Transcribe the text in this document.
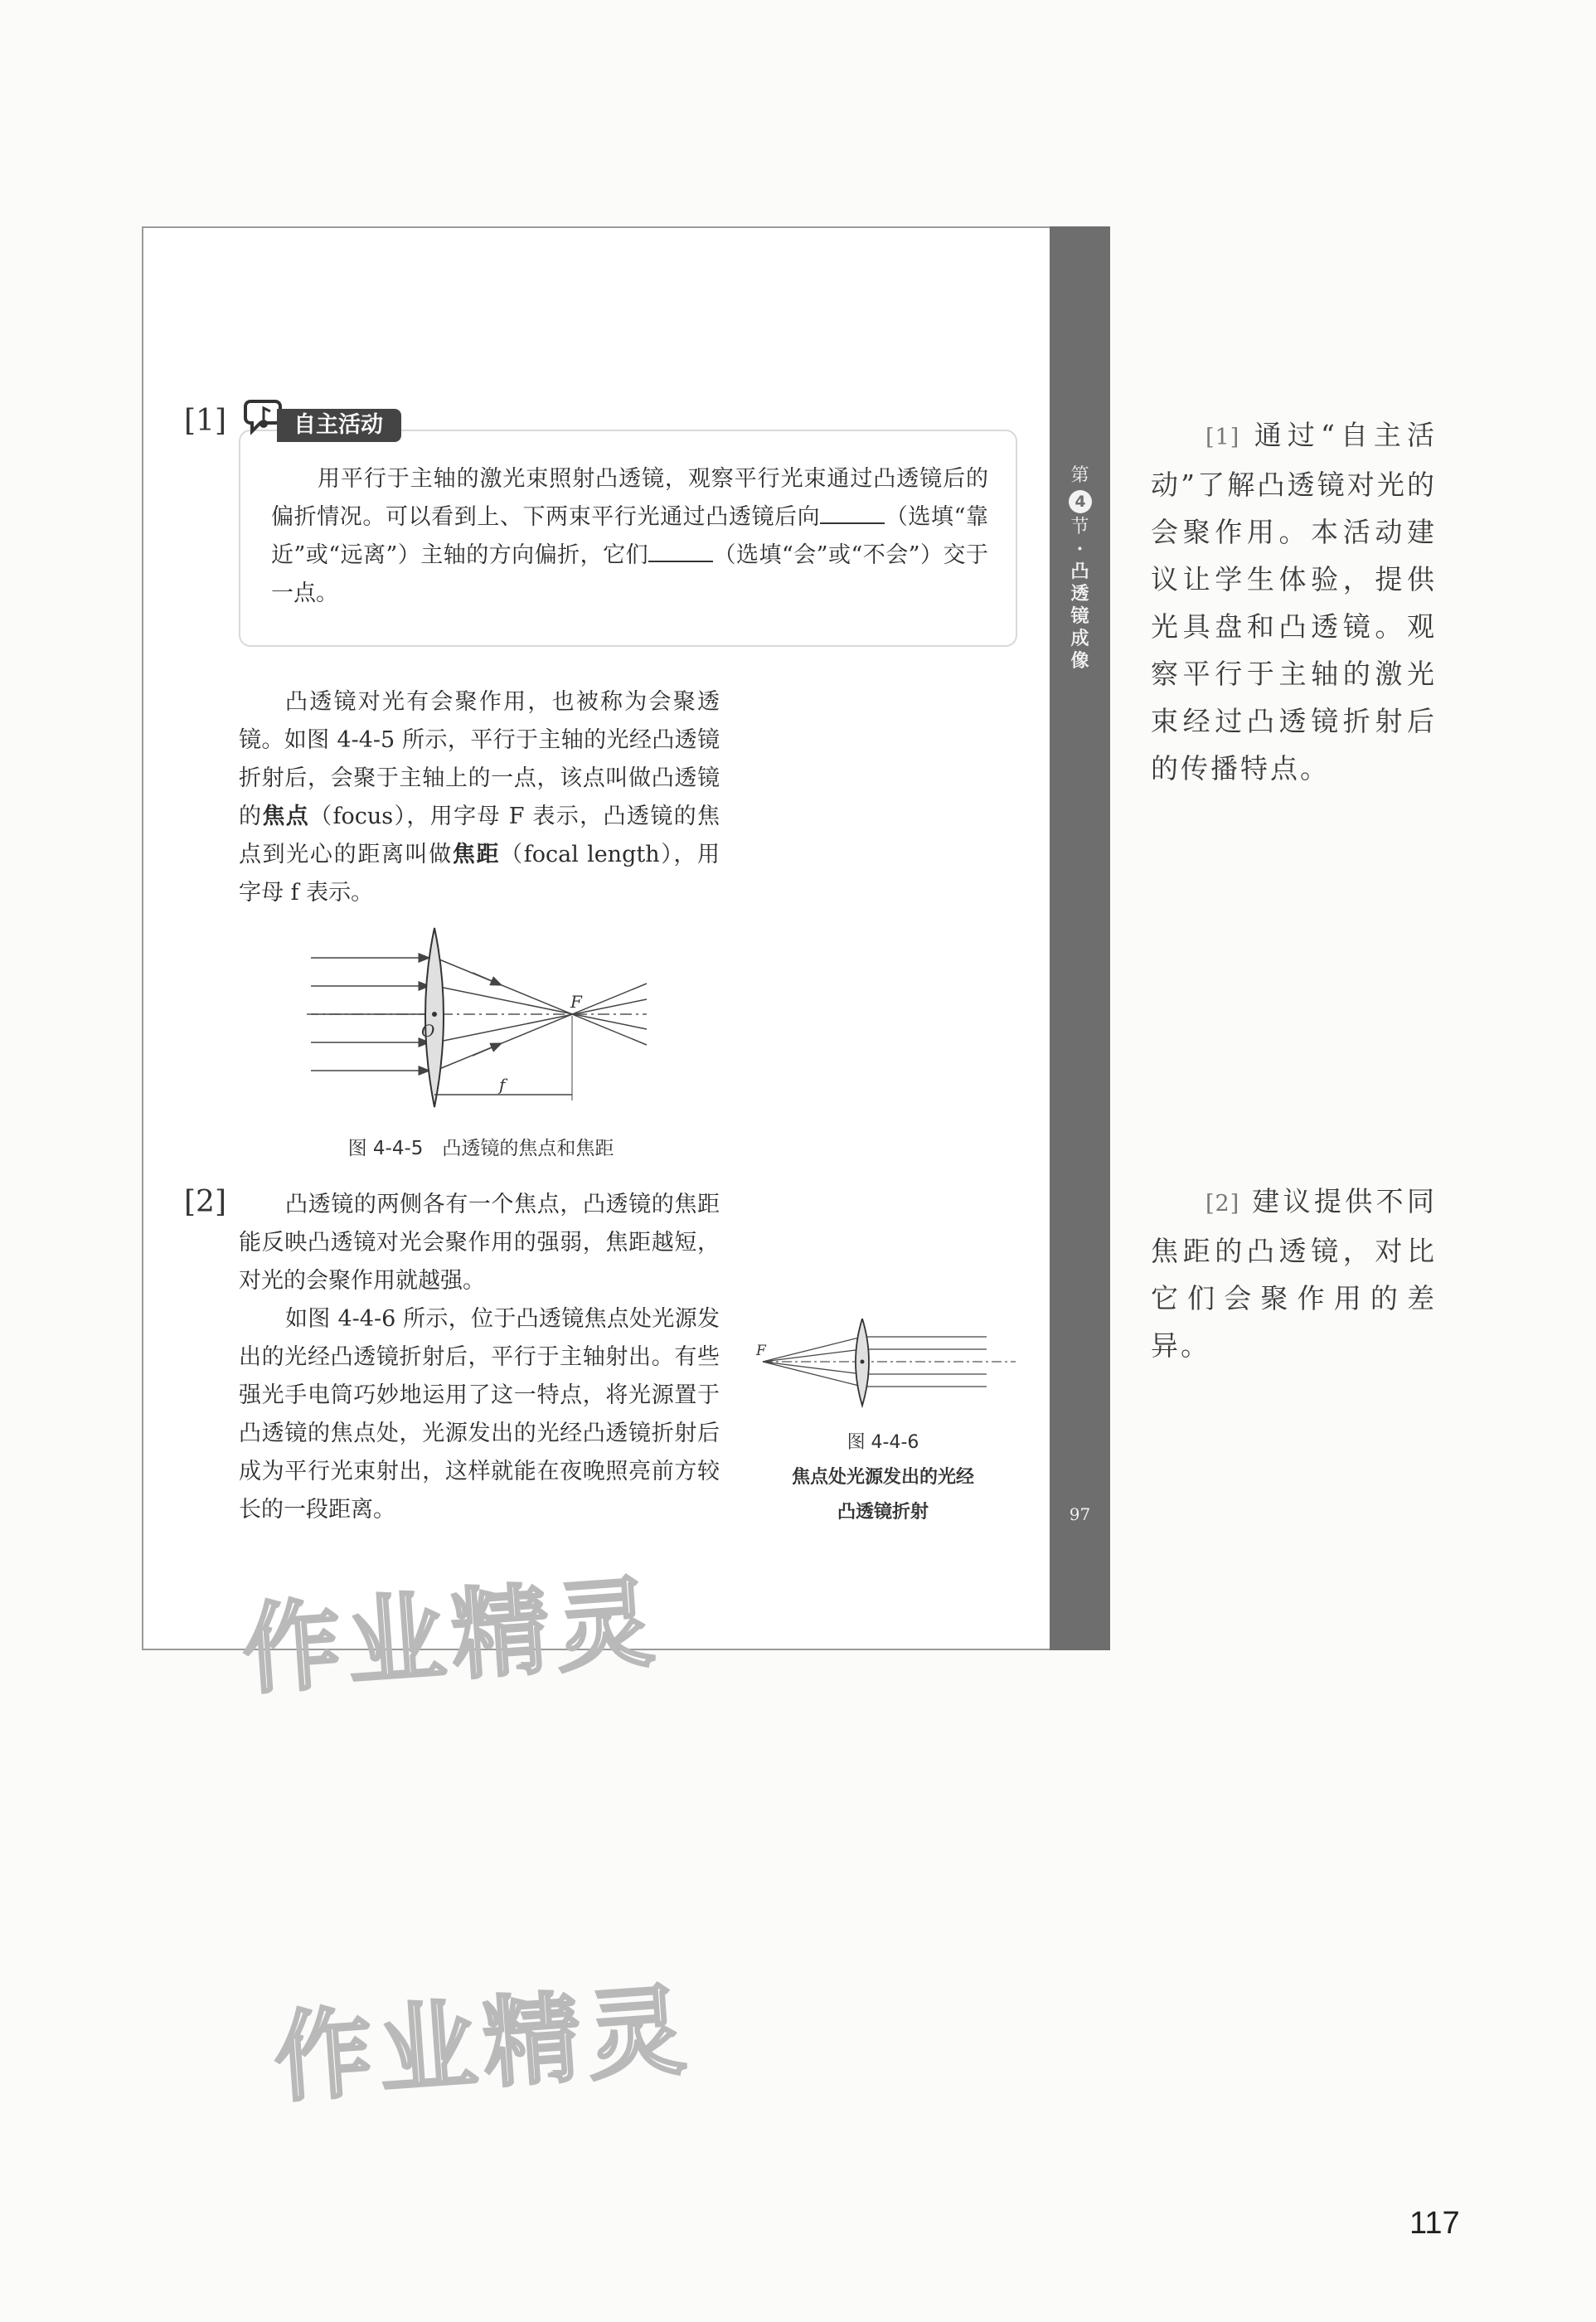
第
4
节
·
凸
透
镜
成
像
97
[1]	自主活动

用平行于主轴的激光束照射凸透镜，观察平行光束通过凸透镜后的偏折情况。可以看到上、下两束平行光通过凸透镜后向	（选填“靠近”或“远离”）主轴的方向偏折，它们	（选填“会”或“不会”）交于一点。

凸透镜对光有会聚作用，也被称为会聚透镜。如图 4-4-5 所示，平行于主轴的光经凸透镜折射后，会聚于主轴上的一点，该点叫做凸透镜的焦点（focus），用字母 F 表示，凸透镜的焦点到光心的距离叫做焦距（focal length），用字母 f 表示。

O
F
f
图 4-4-5　凸透镜的焦点和焦距
[2]	凸透镜的两侧各有一个焦点，凸透镜的焦距能反映凸透镜对光会聚作用的强弱，焦距越短，对光的会聚作用就越强。

如图 4-4-6 所示，位于凸透镜焦点处光源发出的光经凸透镜折射后，平行于主轴射出。有些强光手电筒巧妙地运用了这一特点，将光源置于凸透镜的焦点处，光源发出的光经凸透镜折射后成为平行光束射出，这样就能在夜晚照亮前方较长的一段距离。

F
图 4-4-6
焦点处光源发出的光经
凸透镜折射

[1] 通过“自主活动”了解凸透镜对光的会聚作用。本活动建议让学生体验，提供光具盘和凸透镜。观察平行于主轴的激光束经过凸透镜折射后的传播特点。

[2] 建议提供不同焦距的凸透镜，对比它们会聚作用的差异。

作业精灵
作业精灵
117
